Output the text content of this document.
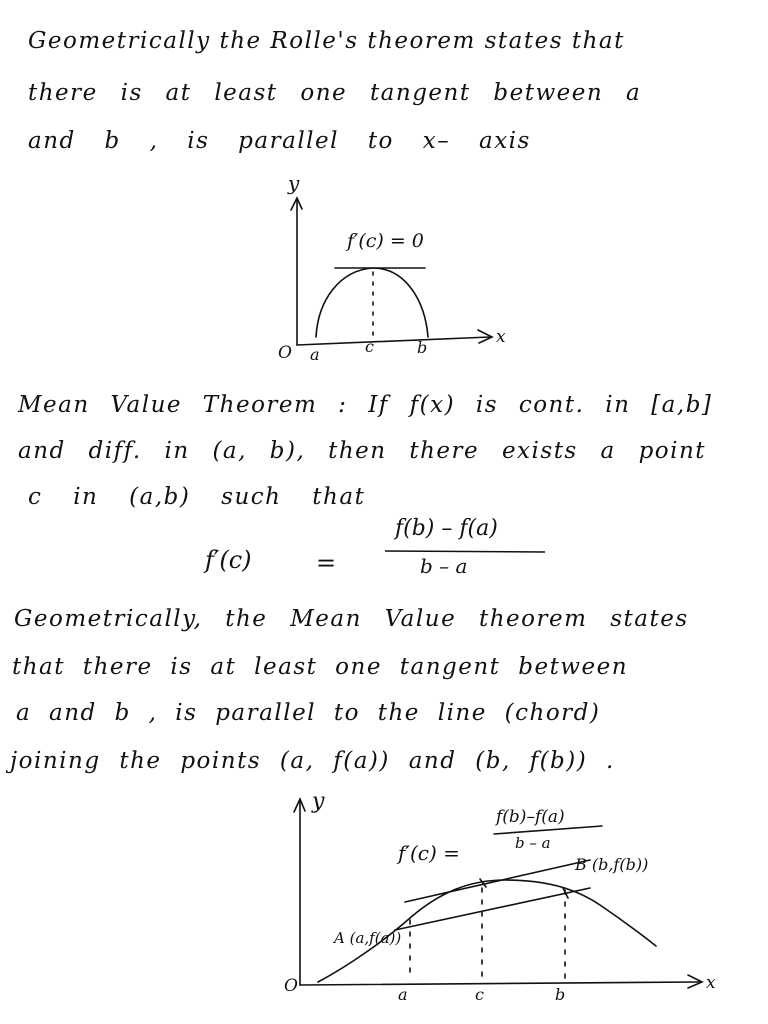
Geometrically the Rolle's theorem states that
there is at least one tangent between a
and b , is parallel to x– axis
y
x
O a	c	b
f′(c) = 0
Mean Value Theorem : If f(x) is cont. in [a,b]
and diff. in (a, b), then there exists a point
c in (a,b) such that
f′(c)	=
f(b) – f(a)
b – a
Geometrically, the Mean Value theorem states
that there is at least one tangent between
a and b , is parallel to the line (chord)
joining the points (a, f(a)) and (b, f(b)) .
y
x
O	a	c	b
A (a,f(a))
B (b,f(b))
f′(c) =
f(b)–f(a)
b – a
